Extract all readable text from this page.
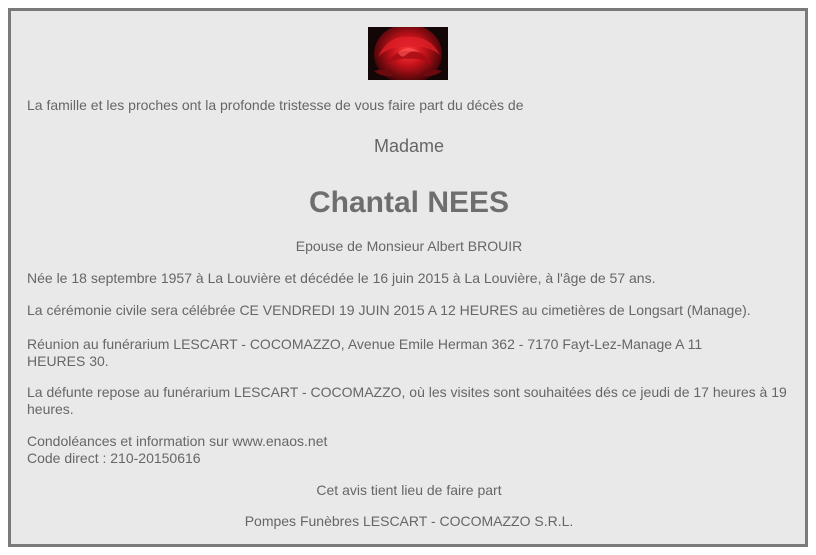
La famille et les proches ont la profonde tristesse de vous faire part du décès de
Madame
Chantal NEES
Epouse de Monsieur Albert BROUIR
Née le 18 septembre 1957 à La Louvière et décédée le 16 juin 2015 à La Louvière, à l'âge de 57 ans.
La cérémonie civile sera célébrée CE VENDREDI 19 JUIN 2015 A 12 HEURES au cimetières de Longsart (Manage).
Réunion au funérarium LESCART - COCOMAZZO, Avenue Emile Herman 362 - 7170 Fayt-Lez-Manage A 11 HEURES 30.
La défunte repose au funérarium LESCART - COCOMAZZO, où les visites sont souhaitées dés ce jeudi de 17 heures à 19 heures.
Condoléances et information sur www.enaos.net
Code direct : 210-20150616
Cet avis tient lieu de faire part
Pompes Funèbres LESCART - COCOMAZZO S.R.L.
